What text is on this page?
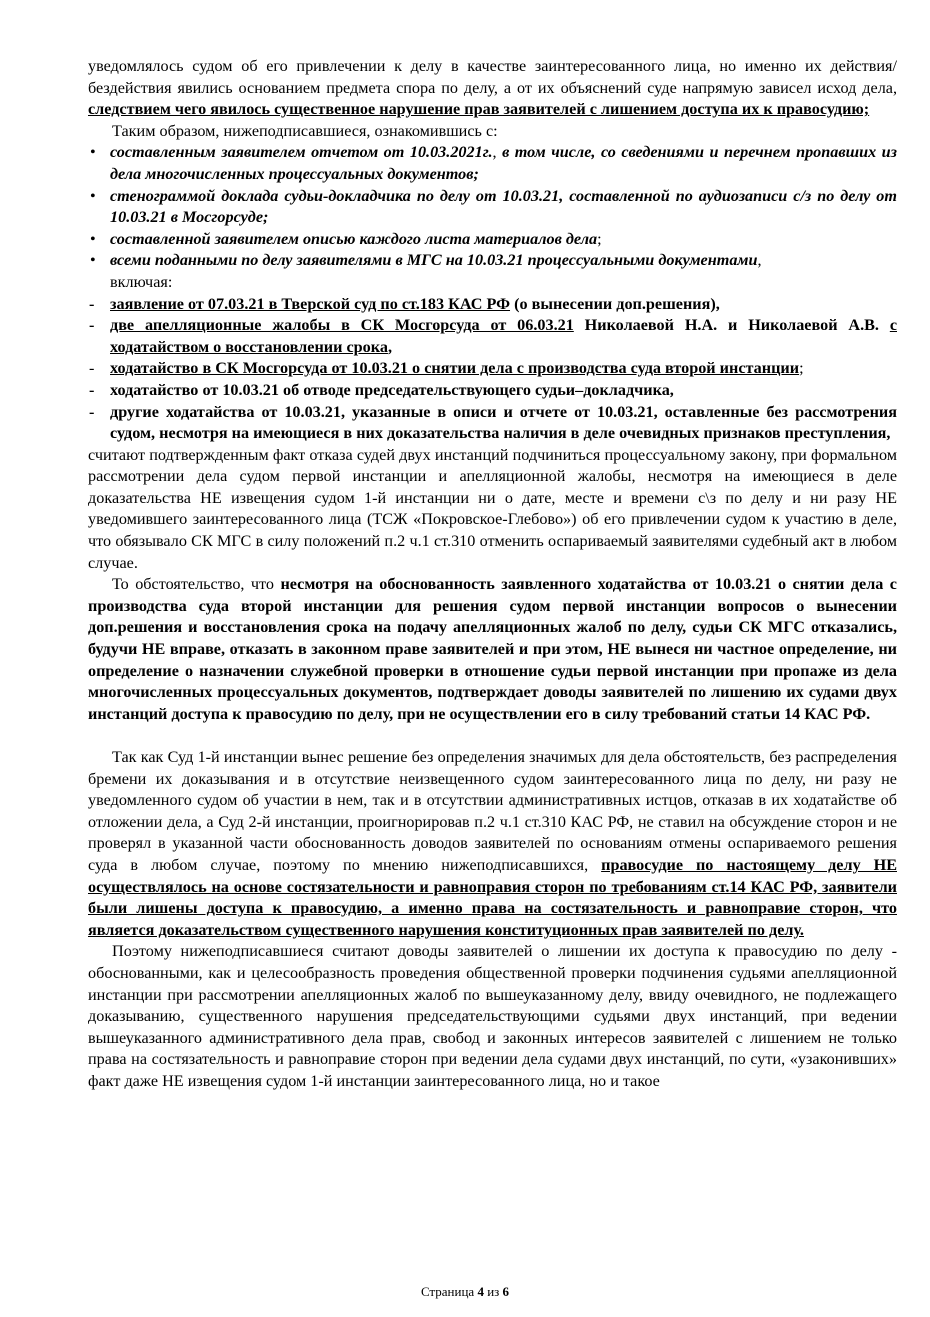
уведомлялось судом об его привлечении к делу в качестве заинтересованного лица, но именно их действия/бездействия явились основанием предмета спора по делу, а от их объяснений суде напрямую зависел исход дела, следствием чего явилось существенное нарушение прав заявителей с лишением доступа их к правосудию;

Таким образом, нижеподписавшиеся, ознакомившись с:

• составленным заявителем отчетом от 10.03.2021г., в том числе, со сведениями и перечнем пропавших из дела многочисленных процессуальных документов;
• стенограммой доклада судьи-докладчика по делу от 10.03.21, составленной по аудиозаписи с/з по делу от 10.03.21 в Мосгорсуде;
• составленной заявителем описью каждого листа материалов дела;
• всеми поданными по делу заявителями в МГС на 10.03.21 процессуальными документами,
включая:

- заявление от 07.03.21 в Тверской суд по ст.183 КАС РФ (о вынесении доп.решения),

- две апелляционные жалобы в СК Мосгорсуда от 06.03.21 Николаевой Н.А. и Николаевой А.В. с ходатайством о восстановлении срока,

- ходатайство в СК Мосгорсуда от 10.03.21 о снятии дела с производства суда второй инстанции;

- ходатайство от 10.03.21 об отводе председательствующего судьи–докладчика,

- другие ходатайства от 10.03.21, указанные в описи и отчете от 10.03.21, оставленные без рассмотрения судом, несмотря на имеющиеся в них доказательства наличия в деле очевидных признаков преступления,

считают подтвержденным факт отказа судей двух инстанций подчиниться процессуальному закону, при формальном рассмотрении дела судом первой инстанции и апелляционной жалобы, несмотря на имеющиеся в деле доказательства НЕ извещения судом 1-й инстанции ни о дате, месте и времени с\з по делу и ни разу НЕ уведомившего заинтересованного лица (ТСЖ «Покровское-Глебово») об его привлечении судом к участию в деле, что обязывало СК МГС в силу положений п.2 ч.1 ст.310 отменить оспариваемый заявителями судебный акт в любом случае.

То обстоятельство, что несмотря на обоснованность заявленного ходатайства от 10.03.21 о снятии дела с производства суда второй инстанции для решения судом первой инстанции вопросов о вынесении доп.решения и восстановления срока на подачу апелляционных жалоб по делу, судьи СК МГС отказались, будучи НЕ вправе, отказать в законном праве заявителей и при этом, НЕ вынеся ни частное определение, ни определение о назначении служебной проверки в отношение судьи первой инстанции при пропаже из дела многочисленных процессуальных документов, подтверждает доводы заявителей по лишению их судами двух инстанций доступа к правосудию по делу, при не осуществлении его в силу требований статьи 14 КАС РФ.

Так как Суд 1-й инстанции вынес решение без определения значимых для дела обстоятельств, без распределения бремени их доказывания и в отсутствие неизвещенного судом заинтересованного лица по делу, ни разу не уведомленного судом об участии в нем, так и в отсутствии административных истцов, отказав в их ходатайстве об отложении дела, а Суд 2-й инстанции, проигнорировав п.2 ч.1 ст.310 КАС РФ, не ставил на обсуждение сторон и не проверял в указанной части обоснованность доводов заявителей по основаниям отмены оспариваемого решения суда в любом случае, поэтому по мнению нижеподписавшихся, правосудие по настоящему делу НЕ осуществлялось на основе состязательности и равноправия сторон по требованиям ст.14 КАС РФ, заявители были лишены доступа к правосудию, а именно права на состязательность и равноправие сторон, что является доказательством существенного нарушения конституционных прав заявителей по делу.

Поэтому нижеподписавшиеся считают доводы заявителей о лишении их доступа к правосудию по делу - обоснованными, как и целесообразность проведения общественной проверки подчинения судьями апелляционной инстанции при рассмотрении апелляционных жалоб по вышеуказанному делу, ввиду очевидного, не подлежащего доказыванию, существенного нарушения председательствующими судьями двух инстанций, при ведении вышеуказанного административного дела прав, свобод и законных интересов заявителей с лишением не только права на состязательность и равноправие сторон при ведении дела судами двух инстанций, по сути, «узаконивших» факт даже НЕ извещения судом 1-й инстанции заинтересованного лица, но и такое

Страница 4 из 6
